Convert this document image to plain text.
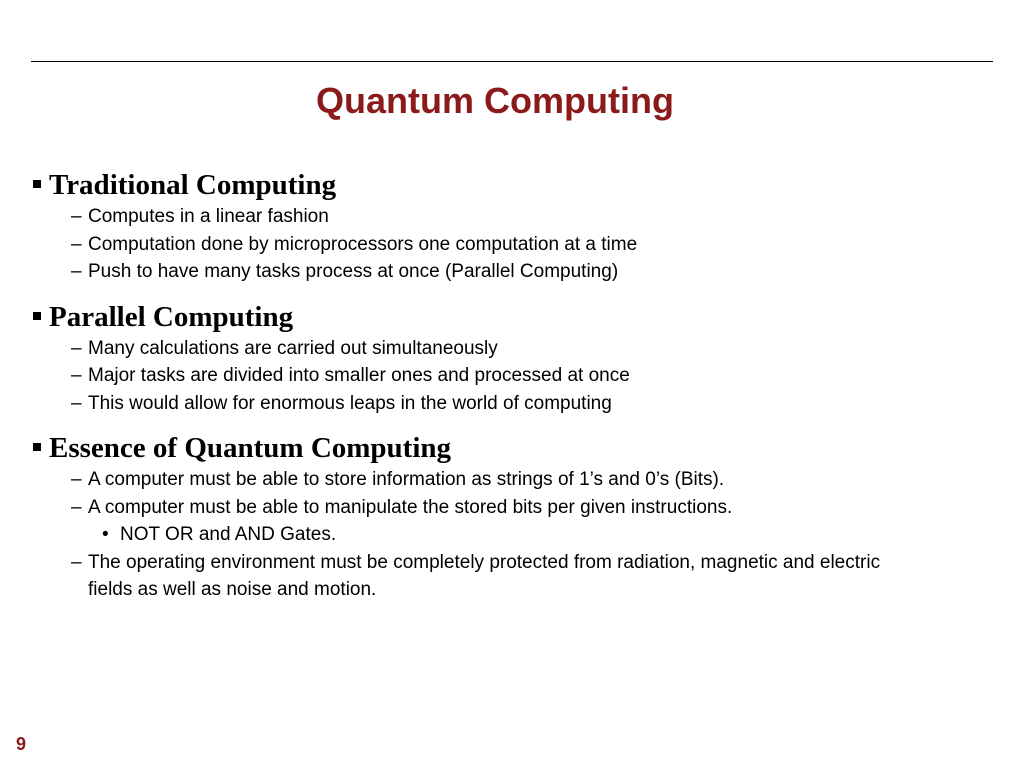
Quantum Computing
Traditional Computing
– Computes in a linear fashion
– Computation done by microprocessors one computation at a time
– Push to have many tasks process at once (Parallel Computing)
Parallel Computing
– Many calculations are carried out simultaneously
– Major tasks are divided into smaller ones and processed at once
– This would allow for enormous leaps in the world of computing
Essence of Quantum Computing
– A computer must be able to store information as strings of 1’s and 0’s (Bits).
– A computer must be able to manipulate the stored bits per given instructions.
• NOT OR and AND Gates.
– The operating environment must be completely protected from radiation, magnetic and electric fields as well as noise and motion.
9
